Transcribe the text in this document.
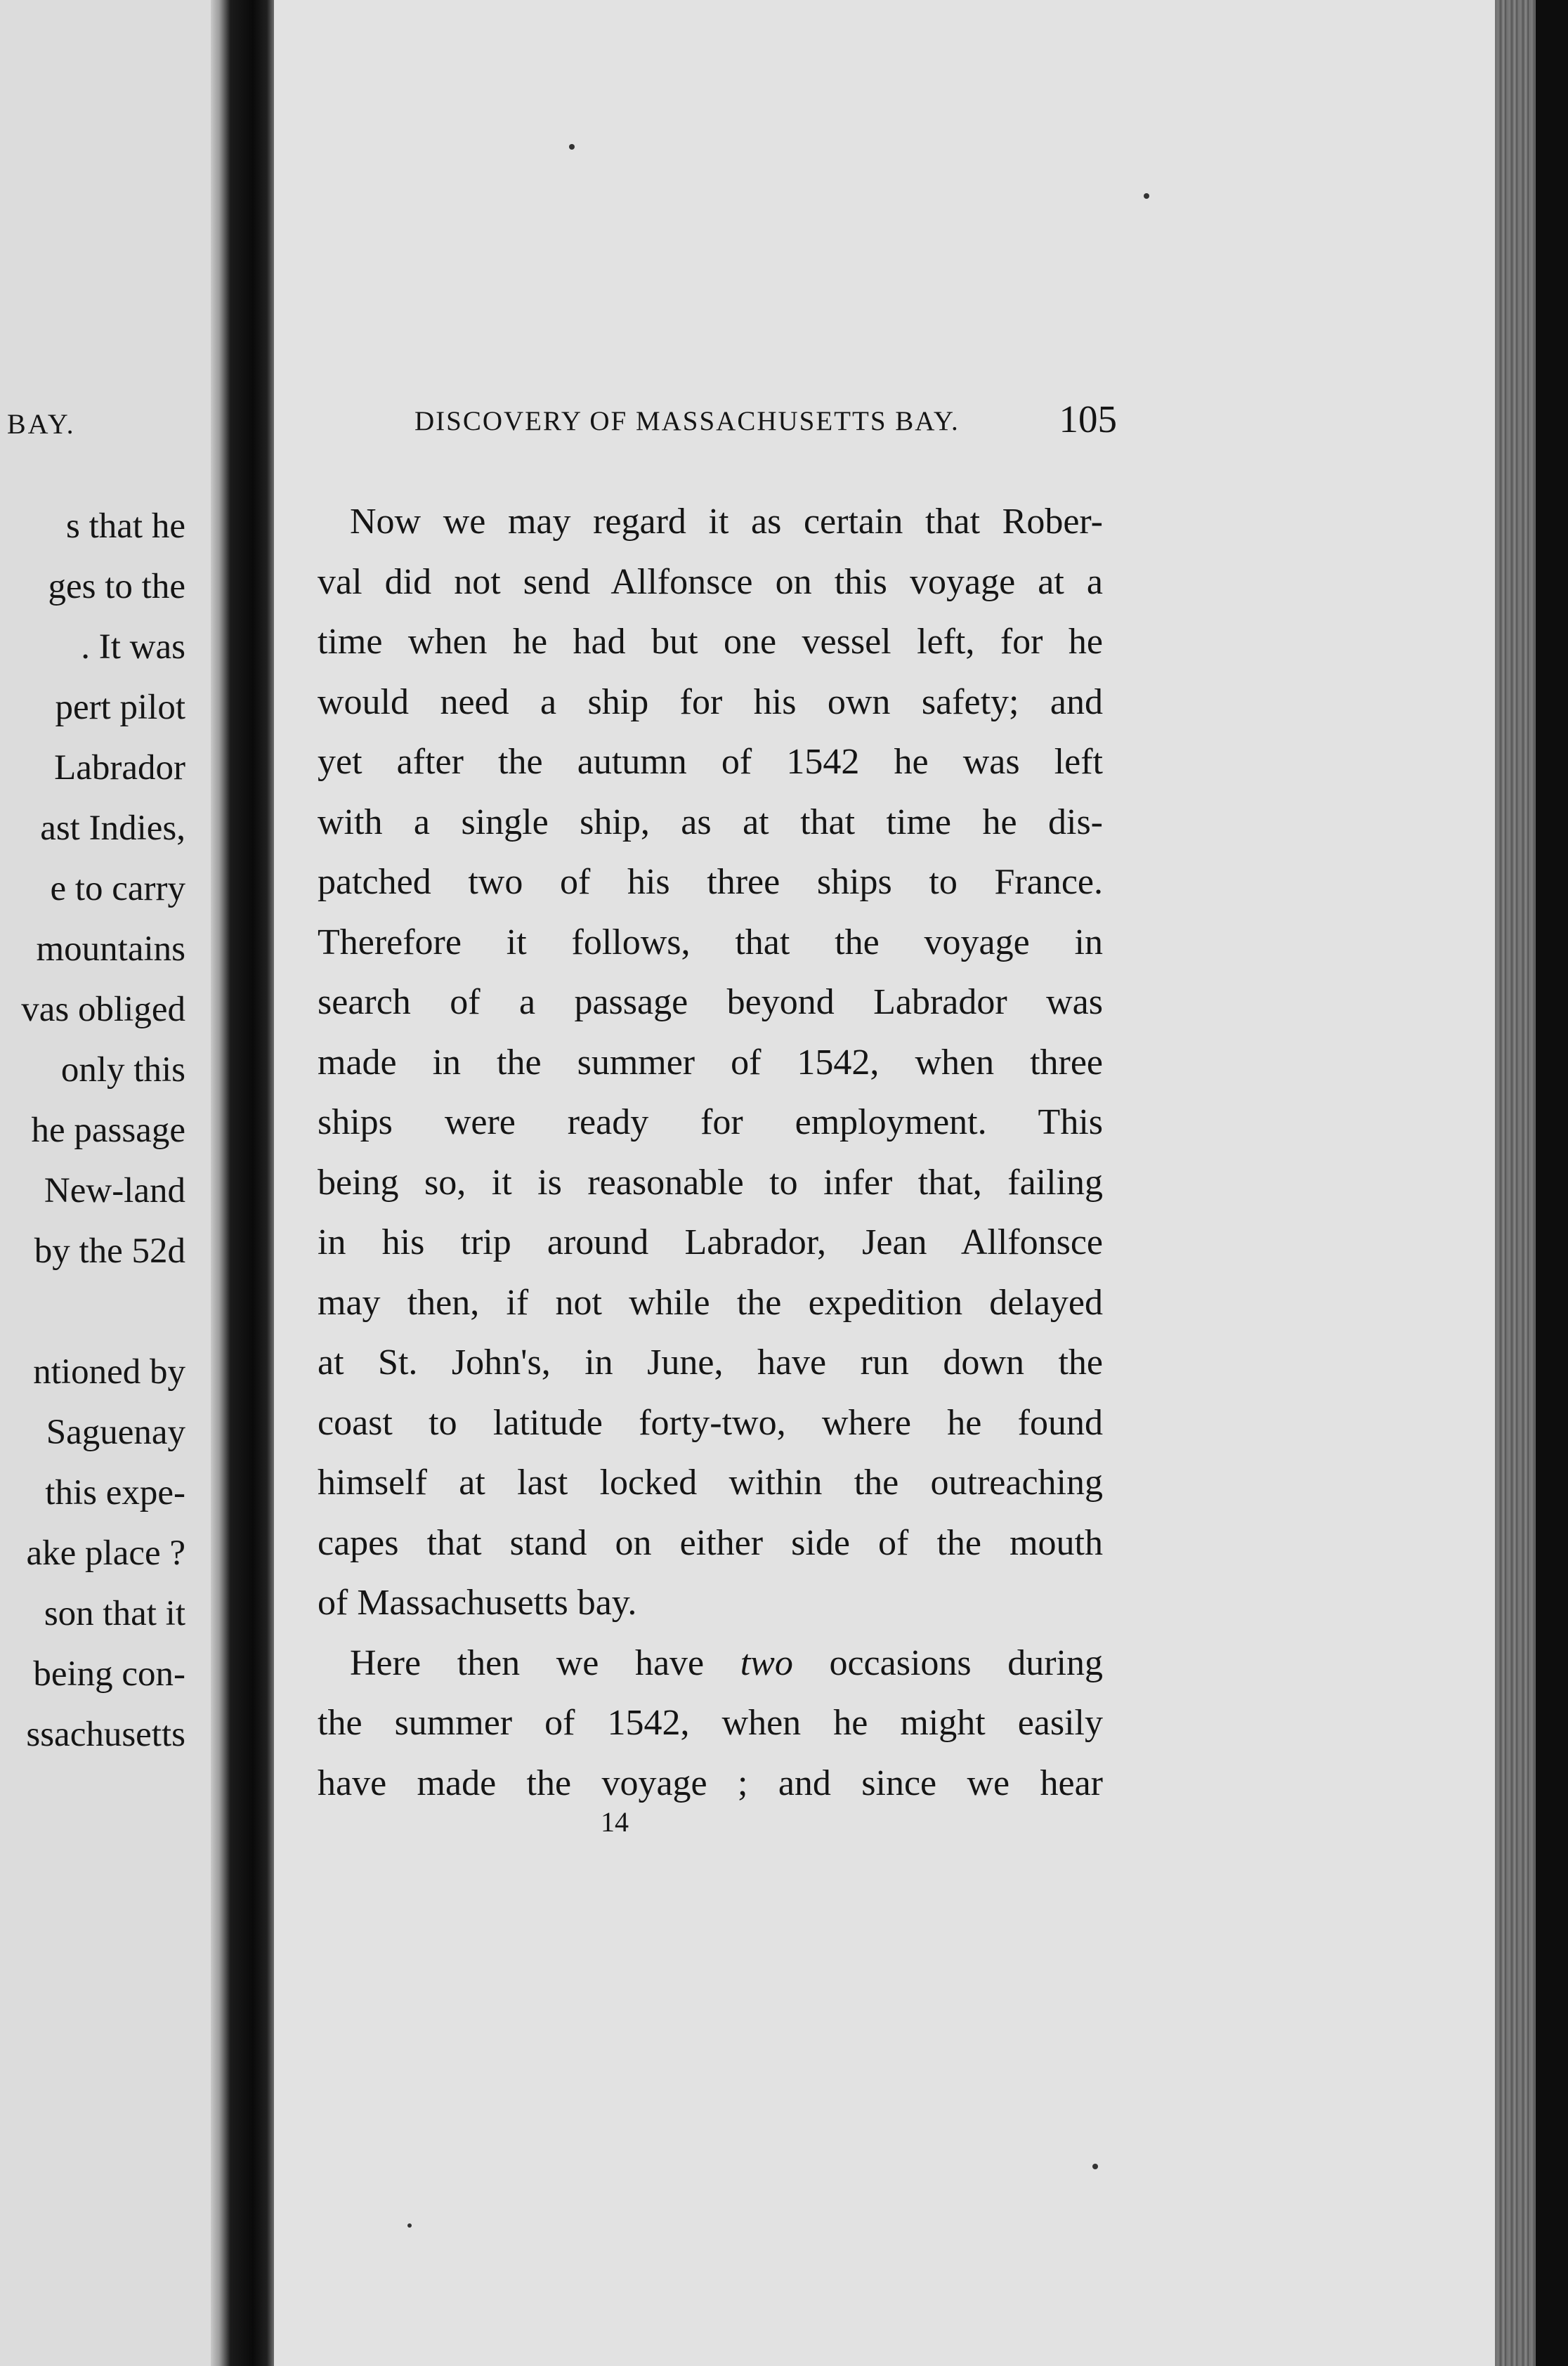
BAY.

s that he
ges to the
. It was
pert pilot
Labrador
ast Indies,
e to carry
mountains
vas obliged
only this
he passage
New-land
by the 52d
ntioned by
Saguenay
this expe-
ake place ?
son that it
being con-
ssachusetts
DISCOVERY OF MASSACHUSETTS BAY.	105
Now we may regard it as certain that Rober-
val did not send Allfonsce on this voyage at a
time when he had but one vessel left, for he
would need a ship for his own safety; and
yet after the autumn of 1542 he was left
with a single ship, as at that time he dis-
patched two of his three ships to France.
Therefore it follows, that the voyage in
search of a passage beyond Labrador was
made in the summer of 1542, when three
ships were ready for employment. This
being so, it is reasonable to infer that, failing
in his trip around Labrador, Jean Allfonsce
may then, if not while the expedition delayed
at St. John's, in June, have run down the
coast to latitude forty-two, where he found
himself at last locked within the outreaching
capes that stand on either side of the mouth
of Massachusetts bay.
Here then we have two occasions during
the summer of 1542, when he might easily
have made the voyage ; and since we hear

14
